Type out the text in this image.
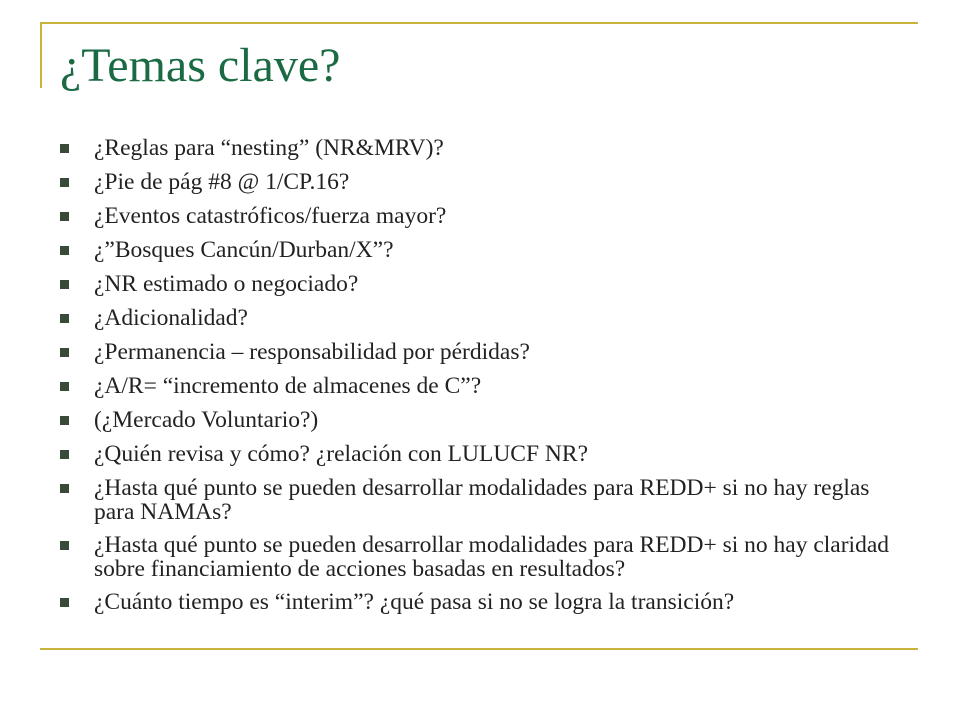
¿Temas clave?
¿Reglas para “nesting” (NR&MRV)?
¿Pie de pág #8 @ 1/CP.16?
¿Eventos catastróficos/fuerza mayor?
¿”Bosques Cancún/Durban/X”?
¿NR estimado o negociado?
¿Adicionalidad?
¿Permanencia – responsabilidad por pérdidas?
¿A/R= “incremento de almacenes de C”?
(¿Mercado Voluntario?)
¿Quién revisa y cómo? ¿relación con LULUCF NR?
¿Hasta qué punto se pueden desarrollar modalidades para REDD+ si no hay reglas para NAMAs?
¿Hasta qué punto se pueden desarrollar modalidades para REDD+ si no hay claridad sobre financiamiento de acciones basadas en resultados?
¿Cuánto tiempo es “interim”? ¿qué pasa si no se logra la transición?
